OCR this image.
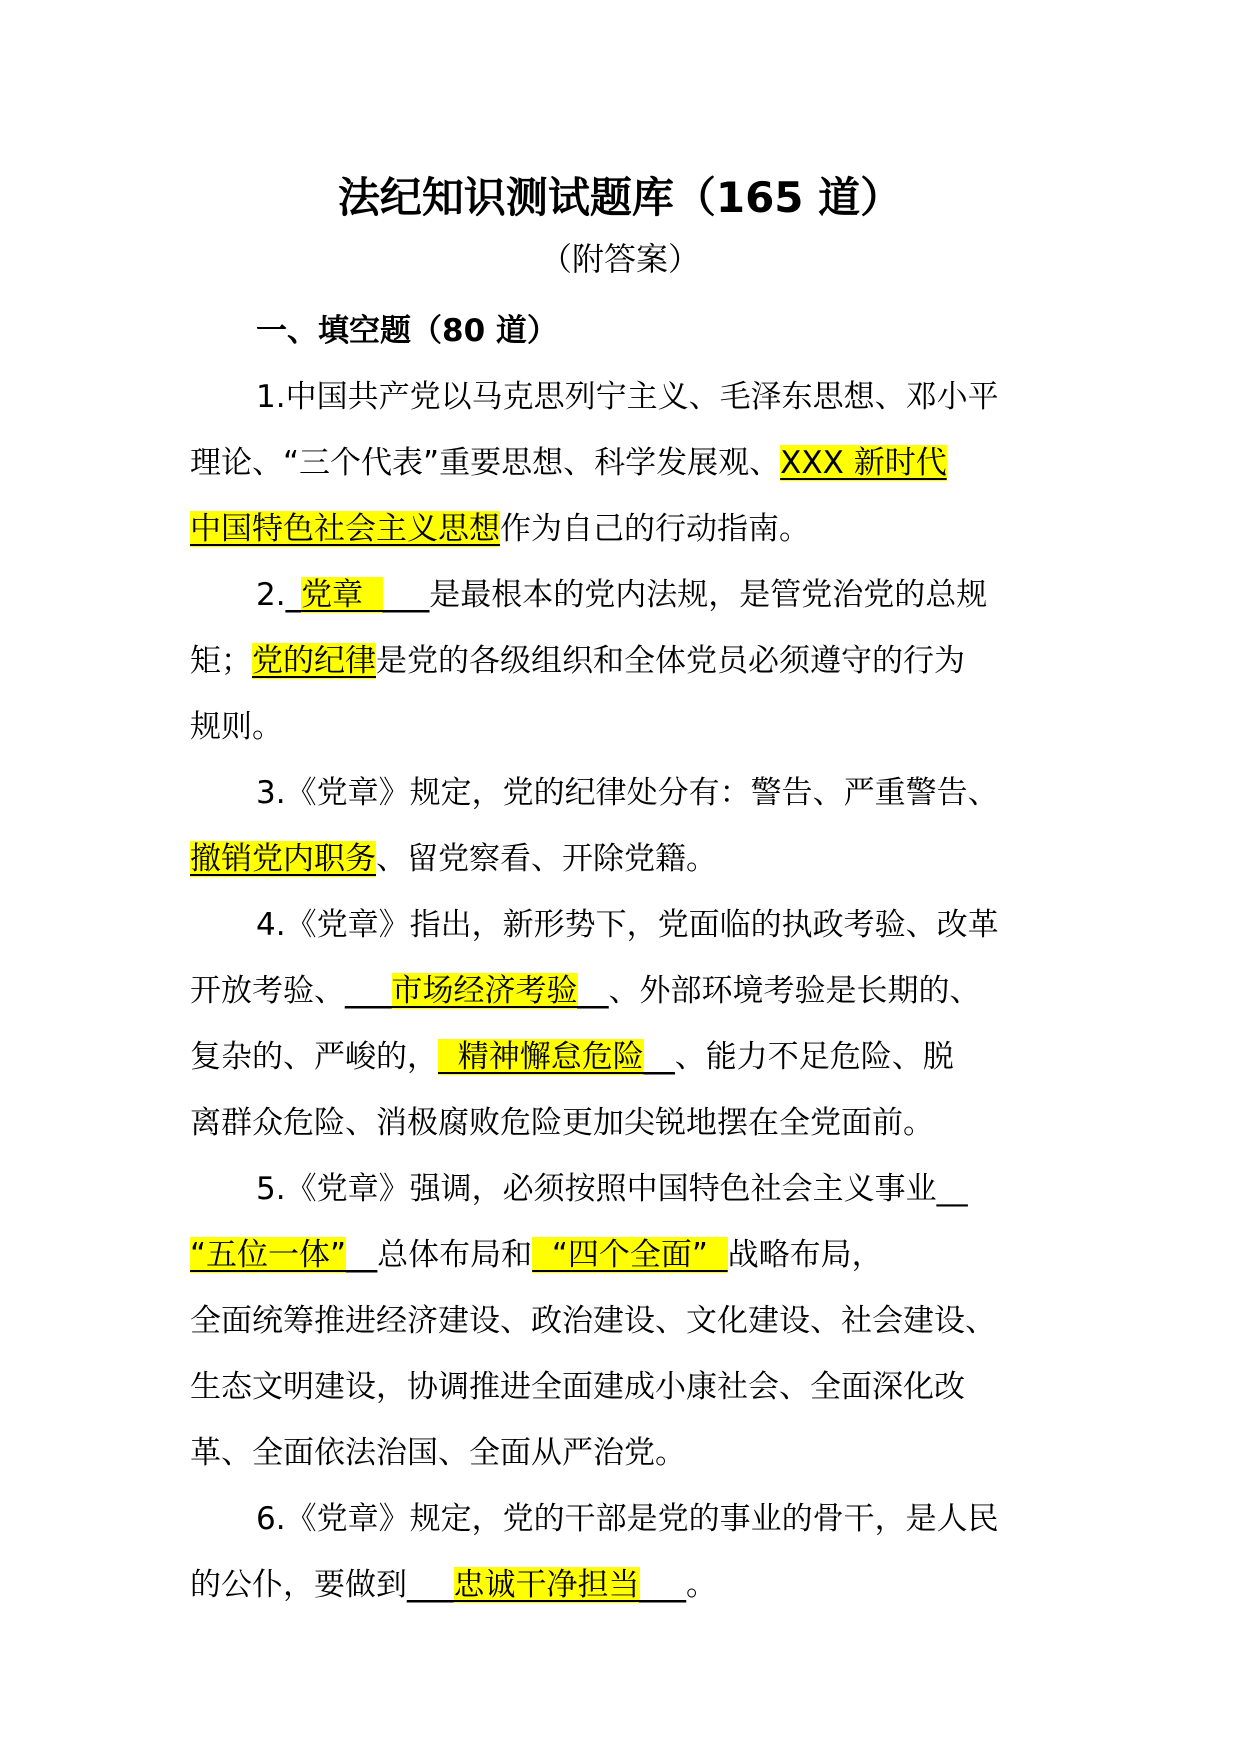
法纪知识测试题库（165 道）
（附答案）
一、填空题（80 道）
1.中国共产党以马克思列宁主义、毛泽东思想、邓小平
理论、“三个代表”重要思想、科学发展观、XXX 新时代
中国特色社会主义思想作为自己的行动指南。
2._党章  ___是最根本的党内法规，是管党治党的总规
矩；党的纪律是党的各级组织和全体党员必须遵守的行为
规则。
3.《党章》规定，党的纪律处分有：警告、严重警告、
撤销党内职务、留党察看、开除党籍。
4.《党章》指出，新形势下，党面临的执政考验、改革
开放考验、___市场经济考验__、外部环境考验是长期的、
复杂的、严峻的，  精神懈怠危险__、能力不足危险、脱
离群众危险、消极腐败危险更加尖锐地摆在全党面前。
5.《党章》强调，必须按照中国特色社会主义事业__
“五位一体”__总体布局和  “四个全面”  战略布局，
全面统筹推进经济建设、政治建设、文化建设、社会建设、
生态文明建设，协调推进全面建成小康社会、全面深化改
革、全面依法治国、全面从严治党。
6.《党章》规定，党的干部是党的事业的骨干，是人民
的公仆，要做到___忠诚干净担当___。
